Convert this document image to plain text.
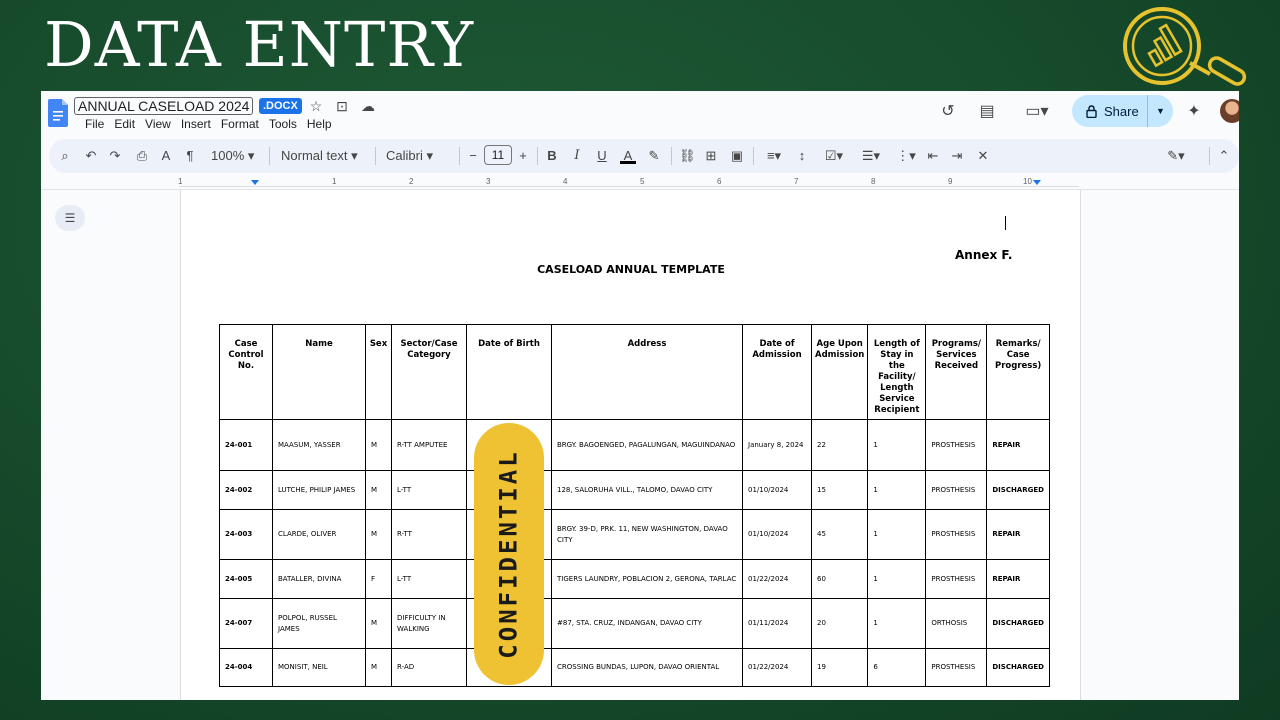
DATA ENTRY
ANNUAL CASELOAD 2024	.DOCX ☆ ⊡ ☁
File Edit View Insert Format Tools Help
↺ ▤	▭▾	Share	▼	✦
⌕	↶ ↷ ⎙	A	¶	100% ▾	Normal text ▾	Calibri ▾	−	11	+ B	I	U A ✎ ⛓ ⊞ ▣	≡▾	↕	☑▾	☰▾	⋮▾ ⇤ ⇥ ✕	✎▾	⌃
1	1	2	3	4	5	6	7	8	9	10
☰
Annex F.
CASELOAD ANNUAL TEMPLATE
Case Control No.	Name	Sex	Sector/Case Category	Date of Birth	Address	Date of Admission	Age Upon Admission	Length of Stay in the Facility/ Length Service Recipient	Programs/ Services Received	Remarks/ Case Progress)
24-001	MAASUM, YASSER	M	R-TT AMPUTEE		BRGY. BAGOENGED, PAGALUNGAN, MAGUINDANAO	January 8, 2024	22	1	PROSTHESIS	REPAIR
24-002	LUTCHE, PHILIP JAMES	M	L-TT		128, SALORUHA VILL., TALOMO, DAVAO CITY	01/10/2024	15	1	PROSTHESIS	DISCHARGED
24-003	CLARDE, OLIVER	M	R-TT		BRGY. 39-D, PRK. 11, NEW WASHINGTON, DAVAO CITY	01/10/2024	45	1	PROSTHESIS	REPAIR
24-005	BATALLER, DIVINA	F	L-TT		TIGERS LAUNDRY, POBLACION 2, GERONA, TARLAC	01/22/2024	60	1	PROSTHESIS	REPAIR
24-007	POLPOL, RUSSEL JAMES	M	DIFFICULTY IN WALKING		#87, STA. CRUZ, INDANGAN, DAVAO CITY	01/11/2024	20	1	ORTHOSIS	DISCHARGED
24-004	MONISIT, NEIL	M	R-AD		CROSSING BUNDAS, LUPON, DAVAO ORIENTAL	01/22/2024	19	6	PROSTHESIS	DISCHARGED
CONFIDENTIAL
